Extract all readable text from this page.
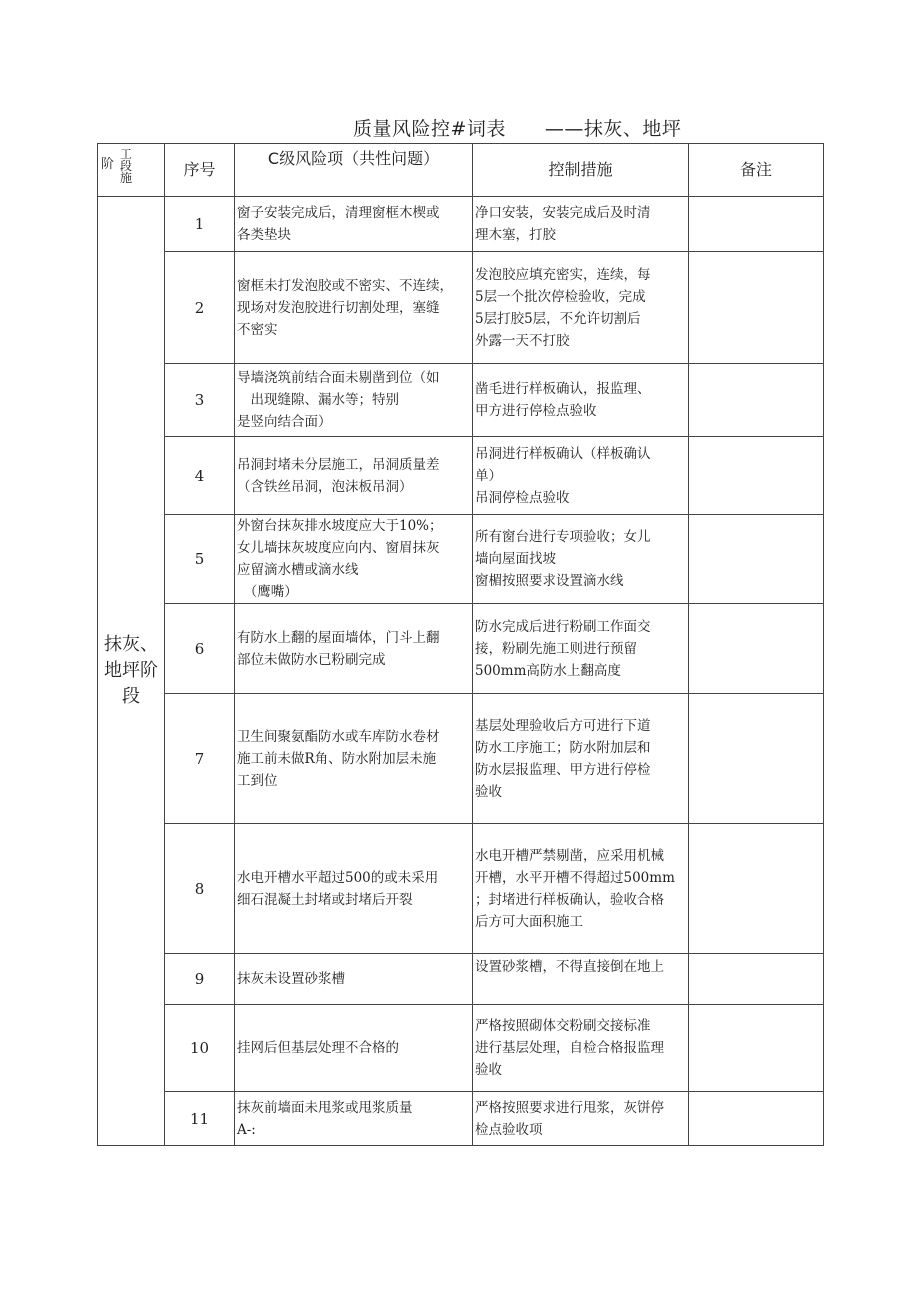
质量风险控#词表　　——抹灰、地坪
阶
工
段
施	序号	C级风险项（共性问题）	控制措施	备注
抹灰、
地坪阶
段	1	窗子安装完成后，清理窗框木楔或
各类垫块	净口安装，安装完成后及时清
理木塞，打胶	
	2	窗框未打发泡胶或不密实、不连续，
现场对发泡胶进行切割处理，塞缝
不密实	发泡胶应填充密实，连续，每
5层一个批次停检验收，完成
5层打胶5层，不允许切割后
外露一天不打胶	
	3	导墙浇筑前结合面未剔凿到位（如
　出现缝隙、漏水等；特别
是竖向结合面）	凿毛进行样板确认，报监理、
甲方进行停检点验收	
	4	吊洞封堵未分层施工，吊洞质量差
（含铁丝吊洞，泡沫板吊洞）	吊洞进行样板确认（样板确认
单）
吊洞停检点验收	
	5	外窗台抹灰排水坡度应大于10%；
女儿墙抹灰坡度应向内、窗眉抹灰
应留滴水槽或滴水线
　（鹰嘴）	所有窗台进行专项验收；女儿
墙向屋面找坡
窗楣按照要求设置滴水线	
	6	有防水上翻的屋面墙体，门斗上翻
部位未做防水已粉刷完成	防水完成后进行粉刷工作面交
接，粉刷先施工则进行预留
500mm高防水上翻高度	
	7	卫生间聚氨酯防水或车库防水卷材
施工前未做R角、防水附加层未施
工到位	基层处理验收后方可进行下道
防水工序施工；防水附加层和
防水层报监理、甲方进行停检
验收	
	8	水电开槽水平超过500的或未采用
细石混凝土封堵或封堵后开裂	水电开槽严禁剔凿，应采用机械
开槽，水平开槽不得超过500mm
；封堵进行样板确认，验收合格
后方可大面积施工	
	9	抹灰未设置砂浆槽	设置砂浆槽，不得直接倒在地上	
	10	挂网后但基层处理不合格的	严格按照砌体交粉刷交接标准
进行基层处理，自检合格报监理
验收	
	11	抹灰前墙面未甩浆或甩浆质量
A-:	严格按照要求进行甩浆，灰饼停
检点验收项	
